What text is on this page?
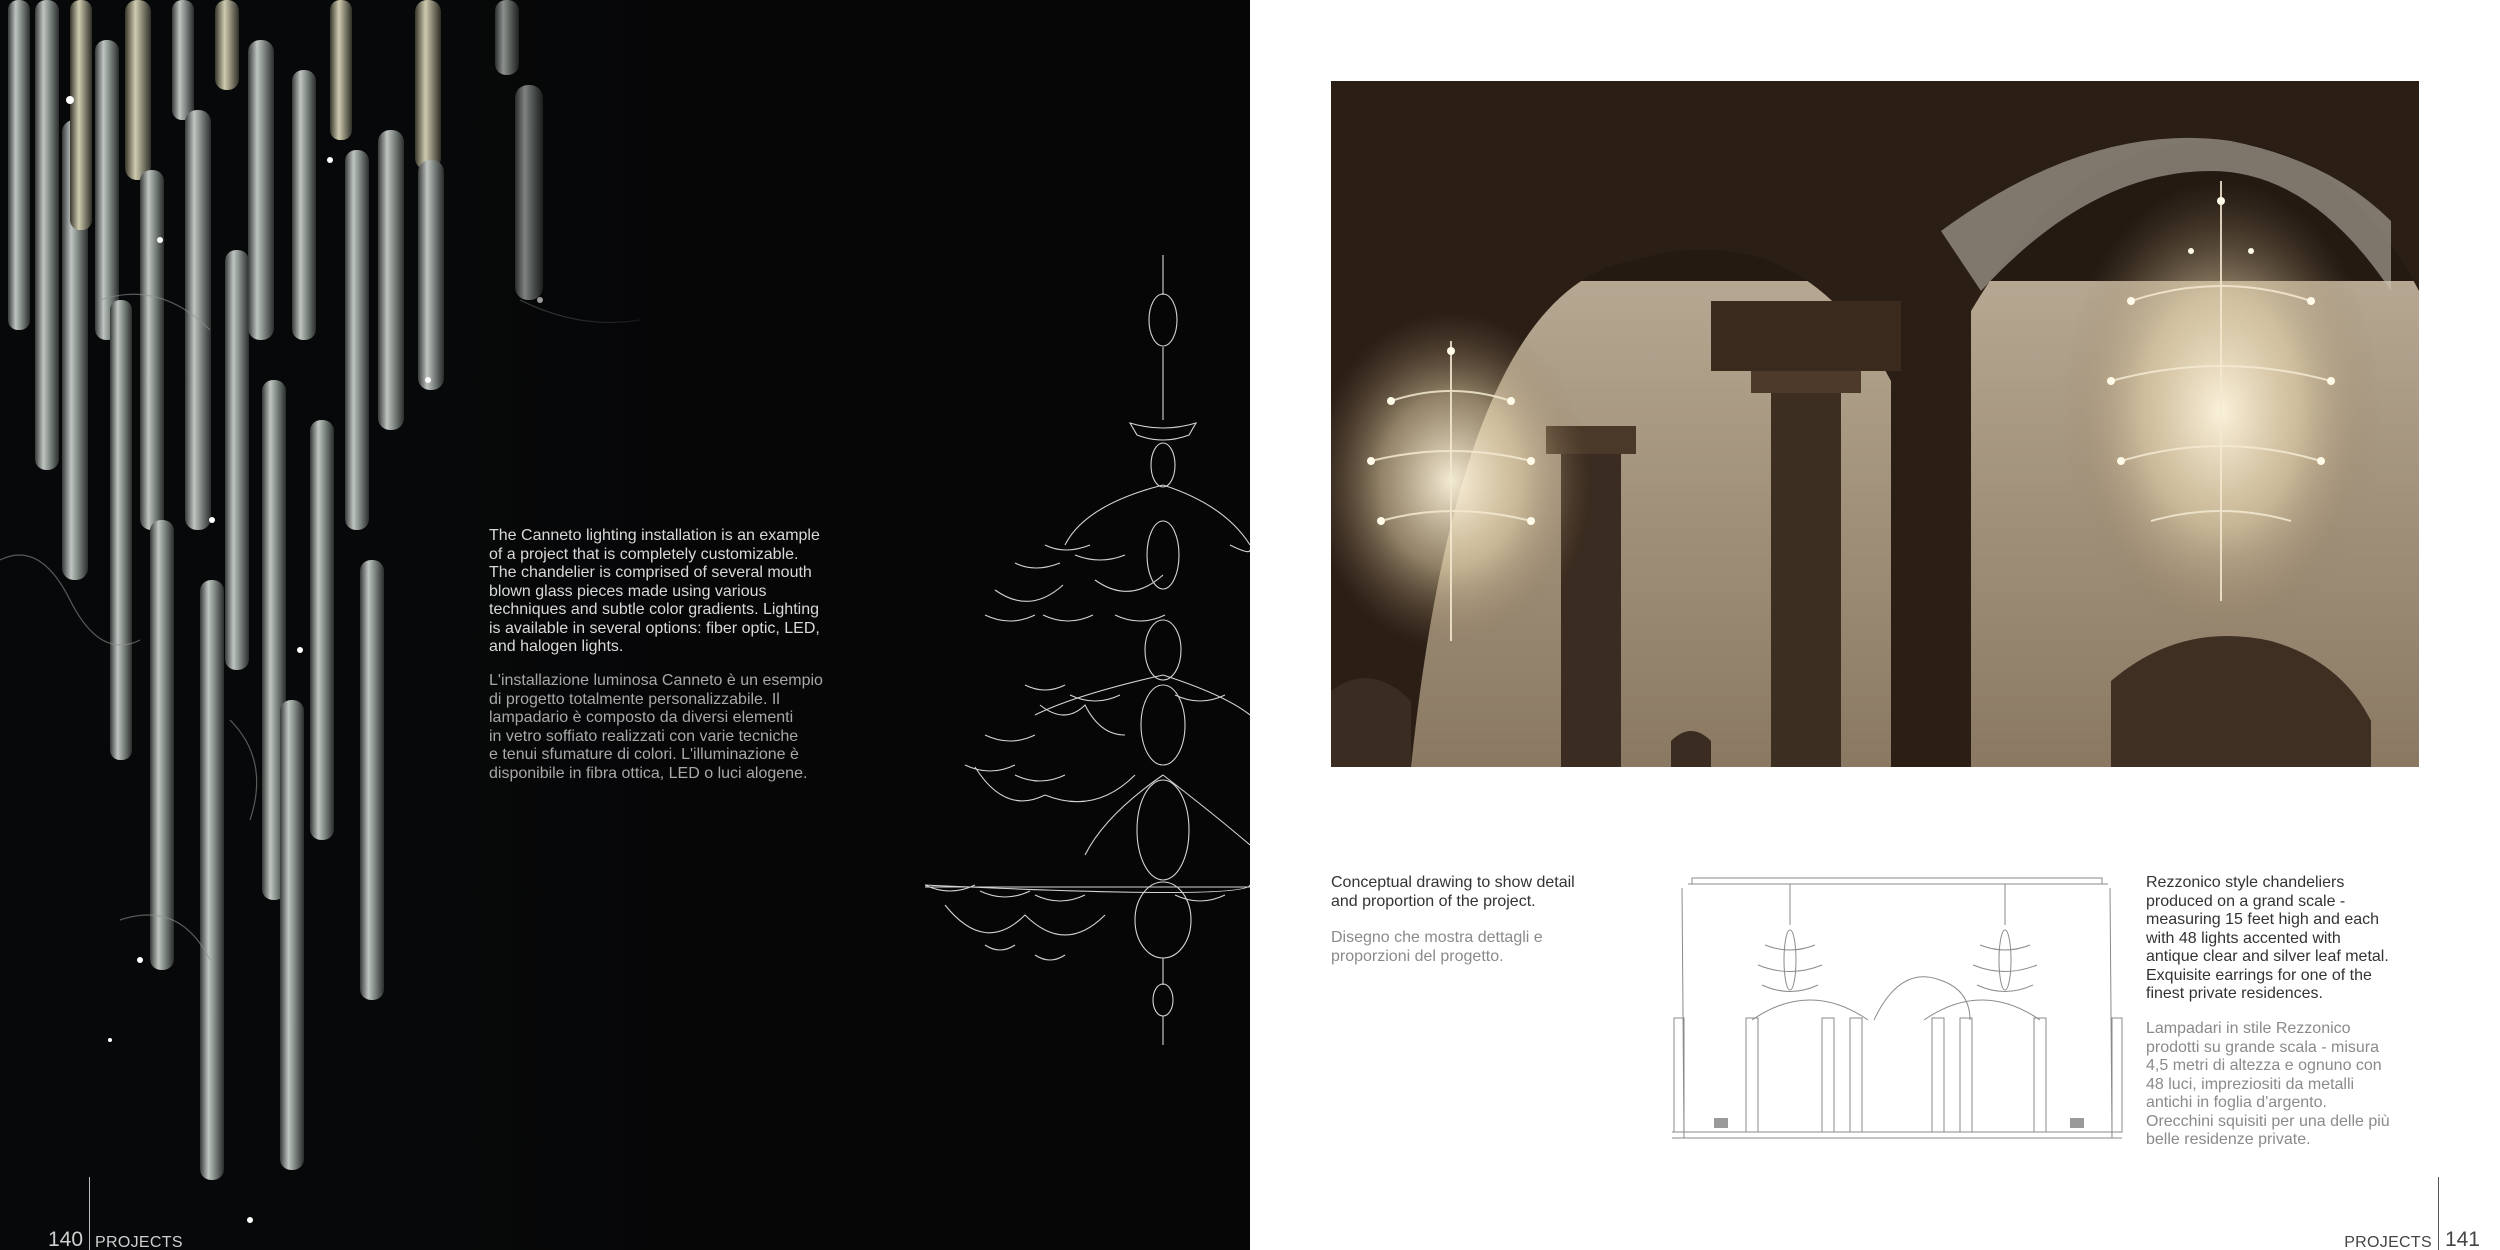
The Canneto lighting installation is an example
of a project that is completely customizable.
The chandelier is comprised of several mouth
blown glass pieces made using various
techniques and subtle color gradients. Lighting
is available in several options: fiber optic, LED,
and halogen lights.
L'installazione luminosa Canneto è un esempio
di progetto totalmente personalizzabile. Il
lampadario è composto da diversi elementi
in vetro soffiato realizzati con varie tecniche
e tenui sfumature di colori. L'illuminazione è
disponibile in fibra ottica, LED o luci alogene.
140 PROJECTS
Conceptual drawing to show detail
and proportion of the project.
Disegno che mostra dettagli e
proporzioni del progetto.
Rezzonico style chandeliers
produced on a grand scale -
measuring 15 feet high and each
with 48 lights accented with
antique clear and silver leaf metal.
Exquisite earrings for one of the
finest private residences.
Lampadari in stile Rezzonico
prodotti su grande scala - misura
4,5 metri di altezza e ognuno con
48 luci, impreziositi da metalli
antichi in foglia d'argento.
Orecchini squisiti per una delle più
belle residenze private.
PROJECTS 141
